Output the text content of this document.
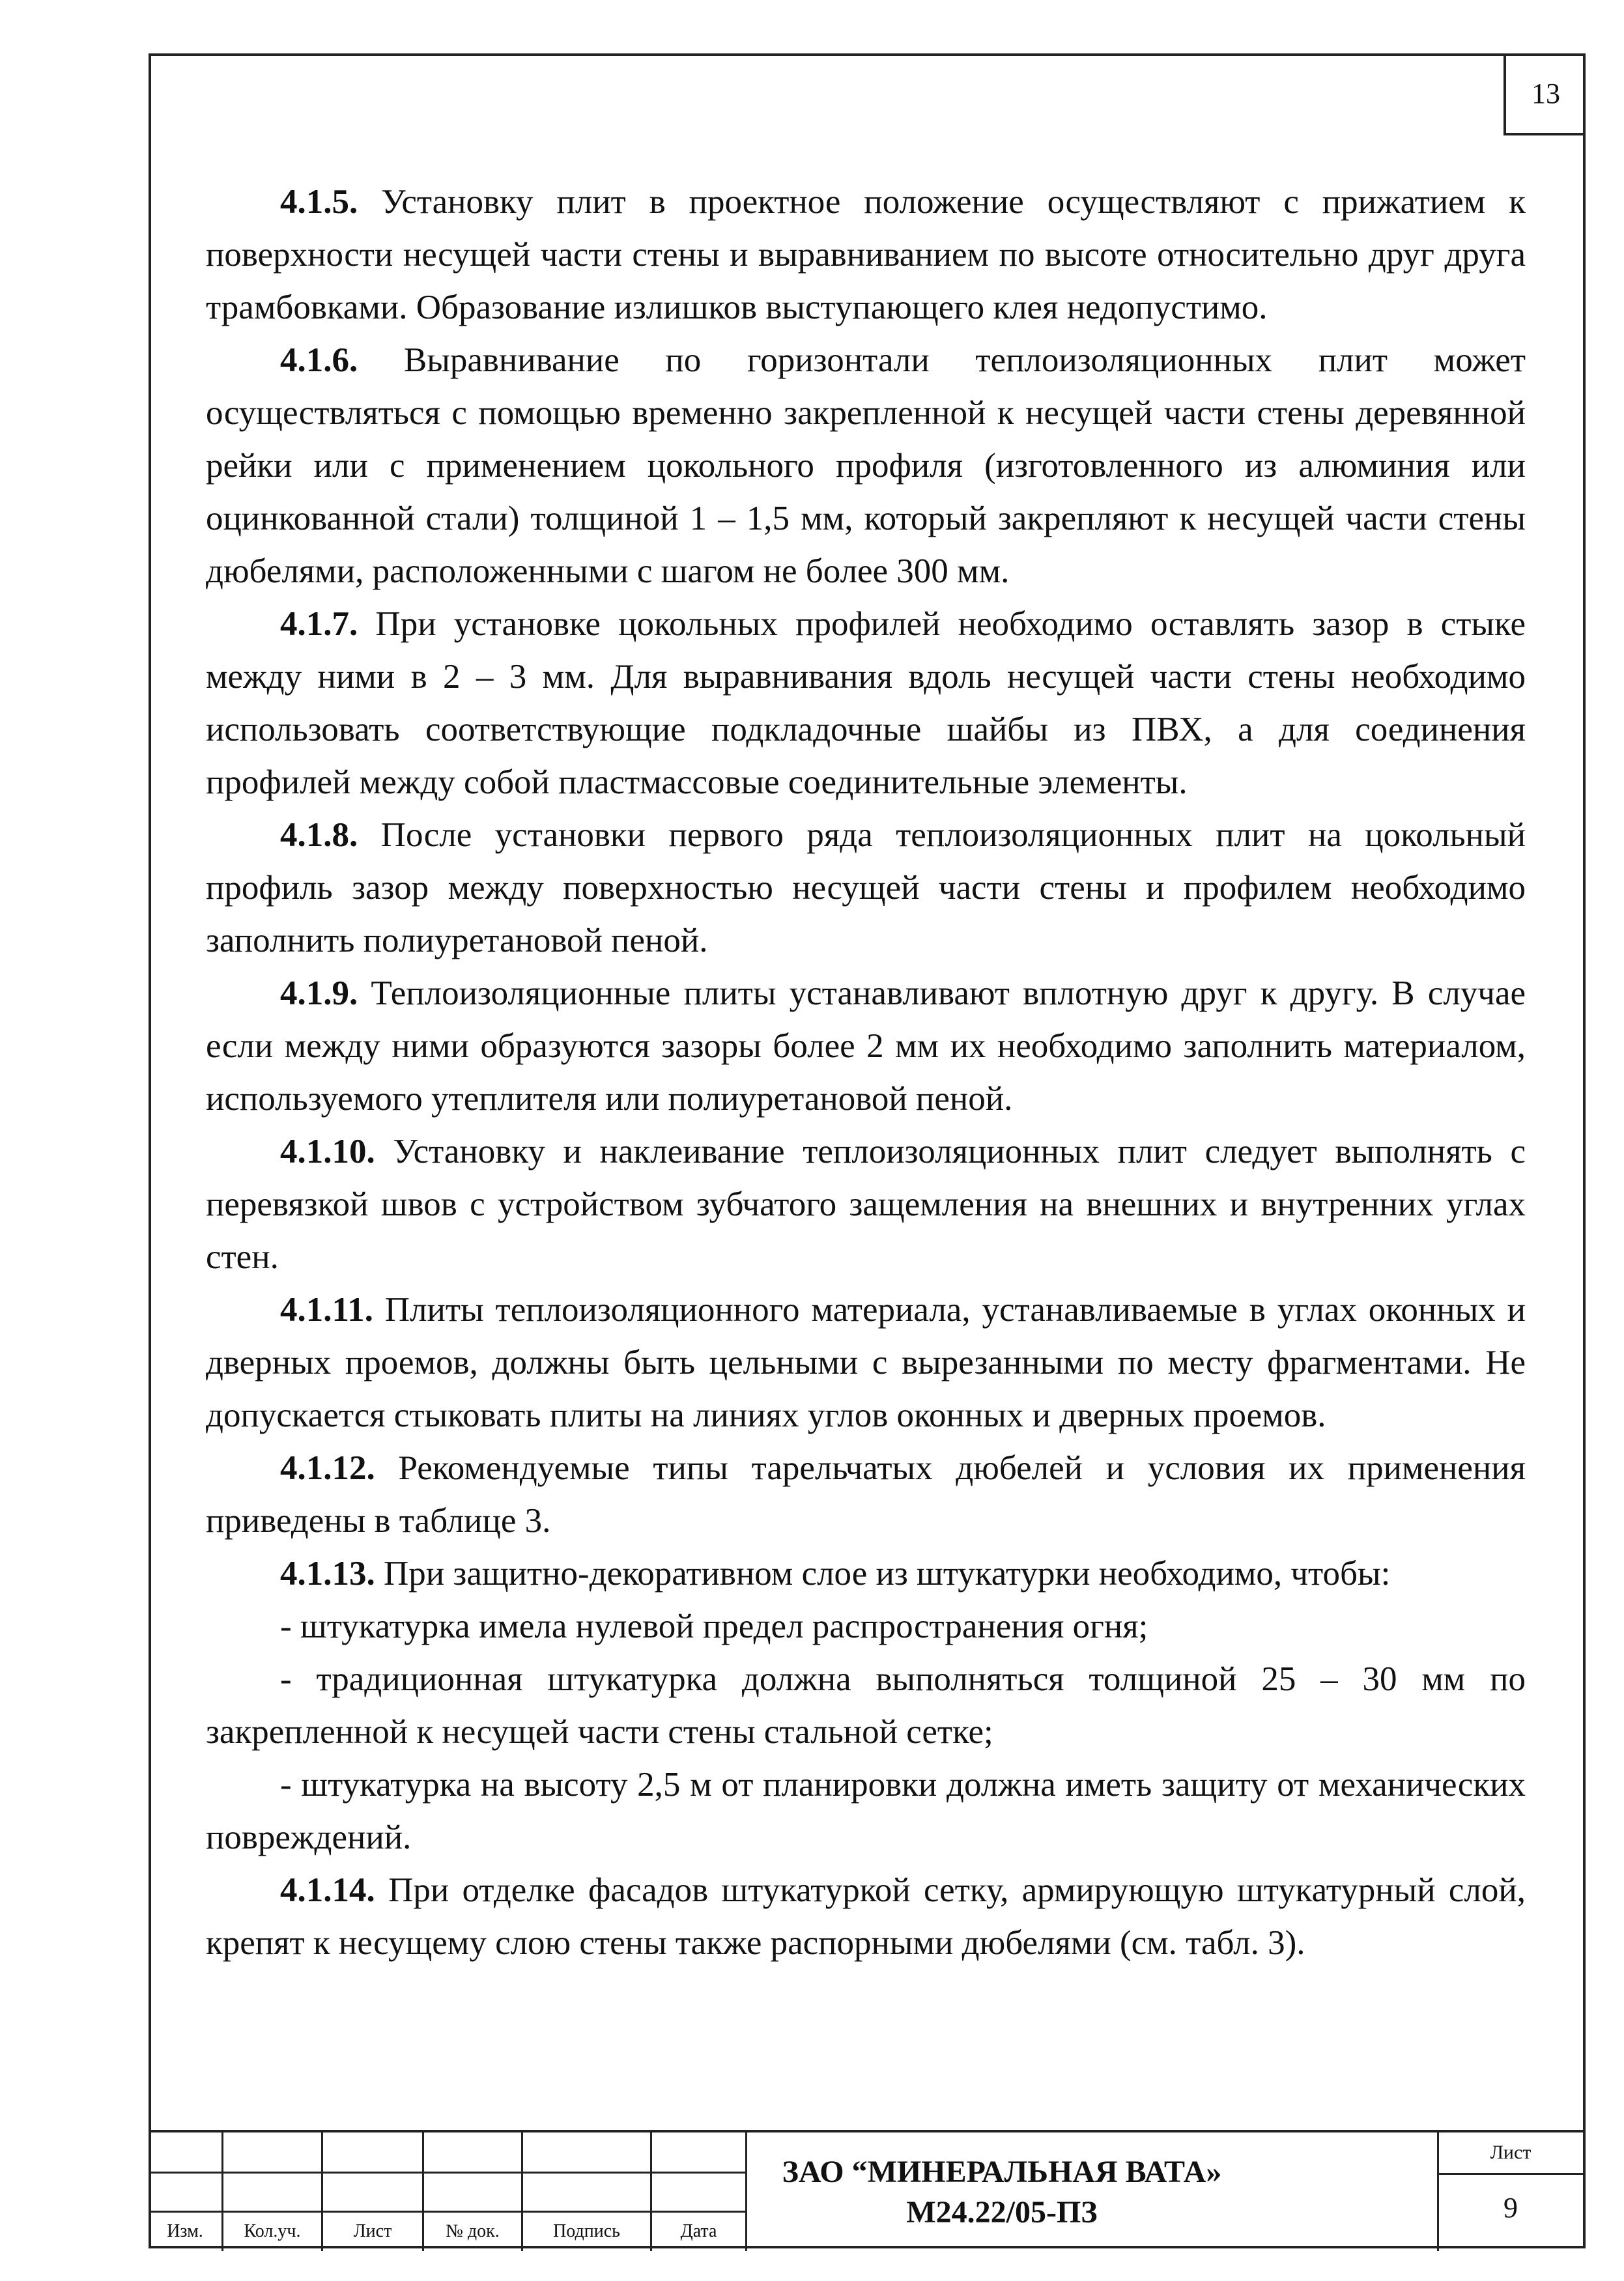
13

4.1.5. Установку плит в проектное положение осуществляют с прижатием к поверхности несущей части стены и выравниванием по высоте относительно друг друга трамбовками. Образование излишков выступающего клея недопустимо.

4.1.6. Выравнивание по горизонтали теплоизоляционных плит может осуществляться с помощью временно закрепленной к несущей части стены деревянной рейки или с применением цокольного профиля (изготовленного из алюминия или оцинкованной стали) толщиной 1 – 1,5 мм, который закрепляют к несущей части стены дюбелями, расположенными с шагом не более 300 мм.

4.1.7. При установке цокольных профилей необходимо оставлять зазор в стыке между ними в 2 – 3 мм. Для выравнивания вдоль несущей части стены необходимо использовать соответствующие подкладочные шайбы из ПВХ, а для соединения профилей между собой пластмассовые соединительные элементы.

4.1.8. После установки первого ряда теплоизоляционных плит на цокольный профиль зазор между поверхностью несущей части стены и профилем необходимо заполнить полиуретановой пеной.

4.1.9. Теплоизоляционные плиты устанавливают вплотную друг к другу. В случае если между ними образуются зазоры более 2 мм их необходимо заполнить материалом, используемого утеплителя или полиуретановой пеной.

4.1.10. Установку и наклеивание теплоизоляционных плит следует выполнять с перевязкой швов с устройством зубчатого защемления на внешних и внутренних углах стен.

4.1.11. Плиты теплоизоляционного материала, устанавливаемые в углах оконных и дверных проемов, должны быть цельными с вырезанными по месту фрагментами. Не допускается стыковать плиты на линиях углов оконных и дверных проемов.

4.1.12. Рекомендуемые типы тарельчатых дюбелей и условия их применения приведены в таблице 3.

4.1.13. При защитно-декоративном слое из штукатурки необходимо, чтобы:

- штукатурка имела нулевой предел распространения огня;

- традиционная штукатурка должна выполняться толщиной 25 – 30 мм по закрепленной к несущей части стены стальной сетке;

- штукатурка на высоту 2,5 м от планировки должна иметь защиту от механических повреждений.

4.1.14. При отделке фасадов штукатуркой сетку, армирующую штукатурный слой, крепят к несущему слою стены также распорными дюбелями (см. табл. 3).

Изм.	Кол.уч.	Лист	№ док.	Подпись	Дата
ЗАО “МИНЕРАЛЬНАЯ ВАТА»
М24.22/05-ПЗ
Лист
9
